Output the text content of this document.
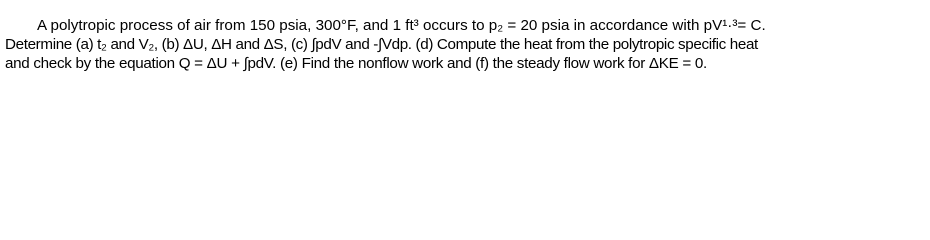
A polytropic process of air from 150 psia, 300°F, and 1 ft³ occurs to p₂ = 20 psia in accordance with pV¹·³= C.
Determine (a) t₂ and V₂, (b) ΔU, ΔH and ΔS, (c) ∫pdV and -∫Vdp. (d) Compute the heat from the polytropic specific heat
and check by the equation Q = ΔU + ∫pdV. (e) Find the nonflow work and (f) the steady flow work for ΔKE = 0.
